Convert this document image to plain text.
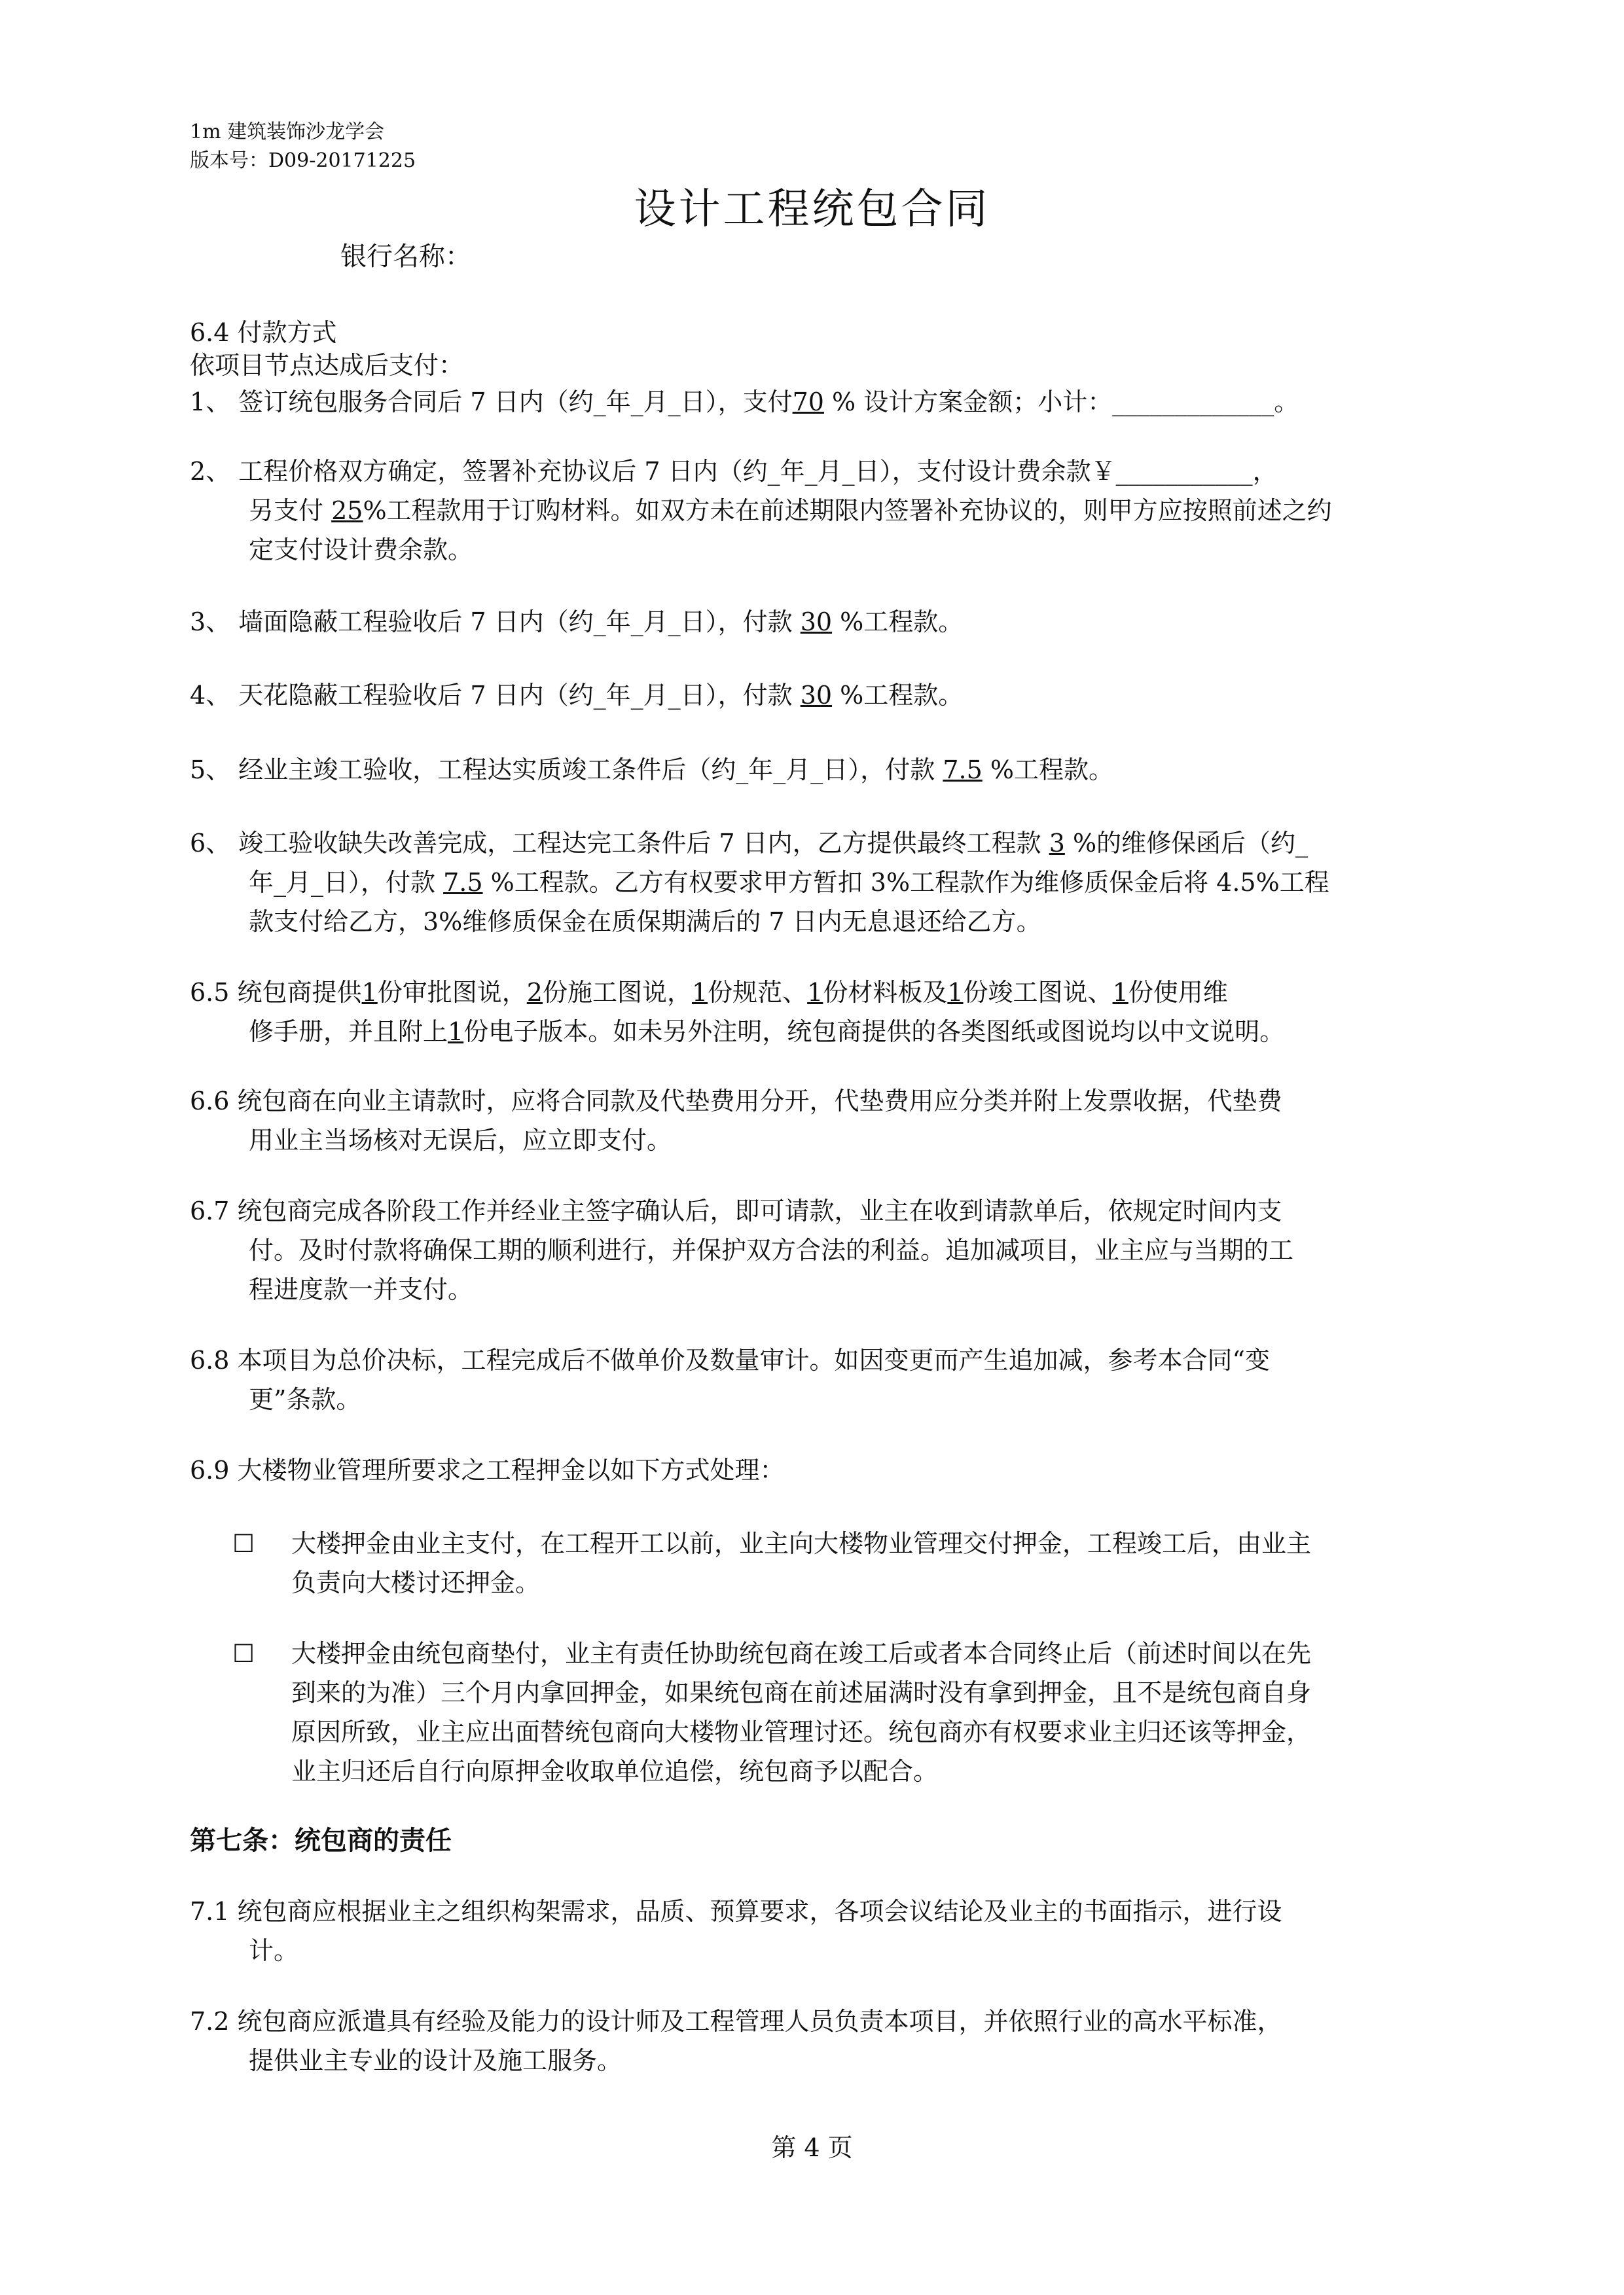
1m 建筑装饰沙龙学会
版本号：D09-20171225
设计工程统包合同
银行名称：
6.4 付款方式
依项目节点达成后支付：
1、 签订统包服务合同后 7 日内（约_年_月_日），支付70 % 设计方案金额；小计：_____________。
2、 工程价格双方确定，签署补充协议后 7 日内（约_年_月_日），支付设计费余款￥___________，
另支付 25%工程款用于订购材料。如双方未在前述期限内签署补充协议的，则甲方应按照前述之约
定支付设计费余款。
3、 墙面隐蔽工程验收后 7 日内（约_年_月_日），付款 30 %工程款。
4、 天花隐蔽工程验收后 7 日内（约_年_月_日），付款 30 %工程款。
5、 经业主竣工验收，工程达实质竣工条件后（约_年_月_日），付款 7.5 %工程款。
6、 竣工验收缺失改善完成，工程达完工条件后 7 日内，乙方提供最终工程款 3 %的维修保函后（约_
年_月_日），付款 7.5 %工程款。乙方有权要求甲方暂扣 3%工程款作为维修质保金后将 4.5%工程
款支付给乙方，3%维修质保金在质保期满后的 7 日内无息退还给乙方。
6.5 统包商提供1份审批图说，2份施工图说，1份规范、1份材料板及1份竣工图说、1份使用维
修手册，并且附上1份电子版本。如未另外注明，统包商提供的各类图纸或图说均以中文说明。
6.6 统包商在向业主请款时，应将合同款及代垫费用分开，代垫费用应分类并附上发票收据，代垫费
用业主当场核对无误后，应立即支付。
6.7 统包商完成各阶段工作并经业主签字确认后，即可请款，业主在收到请款单后，依规定时间内支
付。及时付款将确保工期的顺利进行，并保护双方合法的利益。追加减项目，业主应与当期的工
程进度款一并支付。
6.8 本项目为总价决标，工程完成后不做单价及数量审计。如因变更而产生追加减，参考本合同“变
更”条款。
6.9 大楼物业管理所要求之工程押金以如下方式处理：
☐ 大楼押金由业主支付，在工程开工以前，业主向大楼物业管理交付押金，工程竣工后，由业主
负责向大楼讨还押金。
☐ 大楼押金由统包商垫付，业主有责任协助统包商在竣工后或者本合同终止后（前述时间以在先
到来的为准）三个月内拿回押金，如果统包商在前述届满时没有拿到押金，且不是统包商自身
原因所致，业主应出面替统包商向大楼物业管理讨还。统包商亦有权要求业主归还该等押金，
业主归还后自行向原押金收取单位追偿，统包商予以配合。
第七条：统包商的责任
7.1 统包商应根据业主之组织构架需求，品质、预算要求，各项会议结论及业主的书面指示，进行设
计。
7.2 统包商应派遣具有经验及能力的设计师及工程管理人员负责本项目，并依照行业的高水平标准，
提供业主专业的设计及施工服务。
第 4 页
